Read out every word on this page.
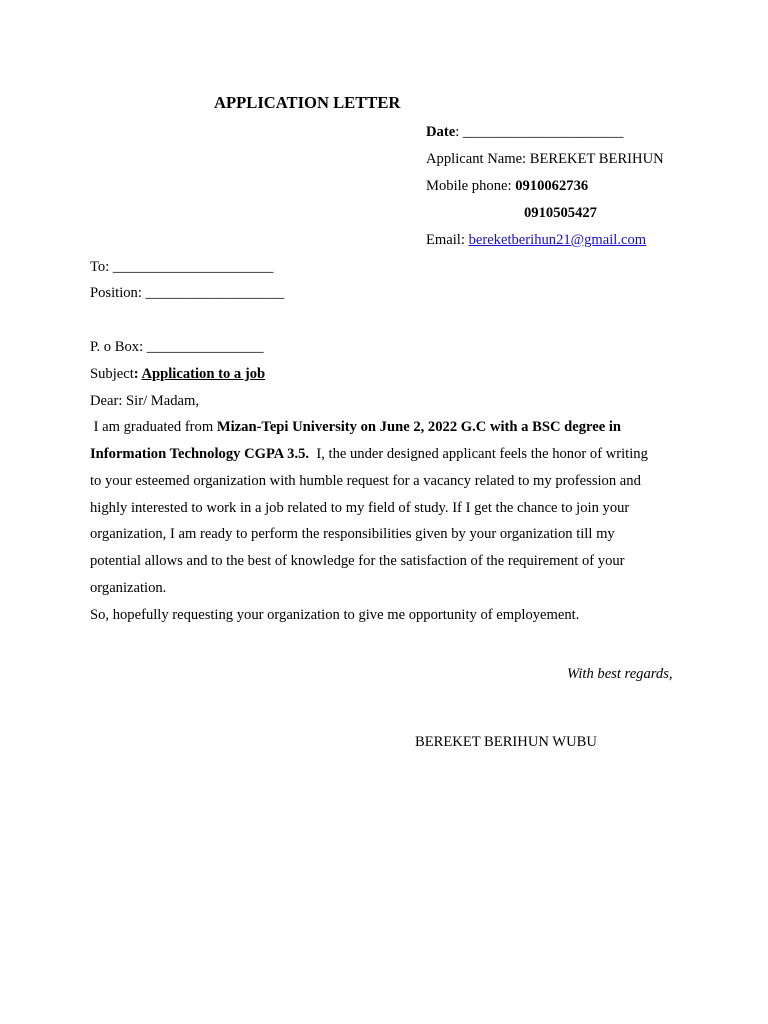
APPLICATION LETTER
Date: ______________________
Applicant Name: BEREKET BERIHUN
Mobile phone: 0910062736
0910505427
Email: bereketberihun21@gmail.com
To: ______________________
Position: ___________________
P. o Box: ________________
Subject: Application to a job
Dear: Sir/ Madam,
I am graduated from Mizan-Tepi University on June 2, 2022 G.C with a BSC degree in
Information Technology CGPA 3.5.  I, the under designed applicant feels the honor of writing
to your esteemed organization with humble request for a vacancy related to my profession and
highly interested to work in a job related to my field of study. If I get the chance to join your
organization, I am ready to perform the responsibilities given by your organization till my
potential allows and to the best of knowledge for the satisfaction of the requirement of your
organization.
So, hopefully requesting your organization to give me opportunity of employement.
With best regards,
BEREKET BERIHUN WUBU
